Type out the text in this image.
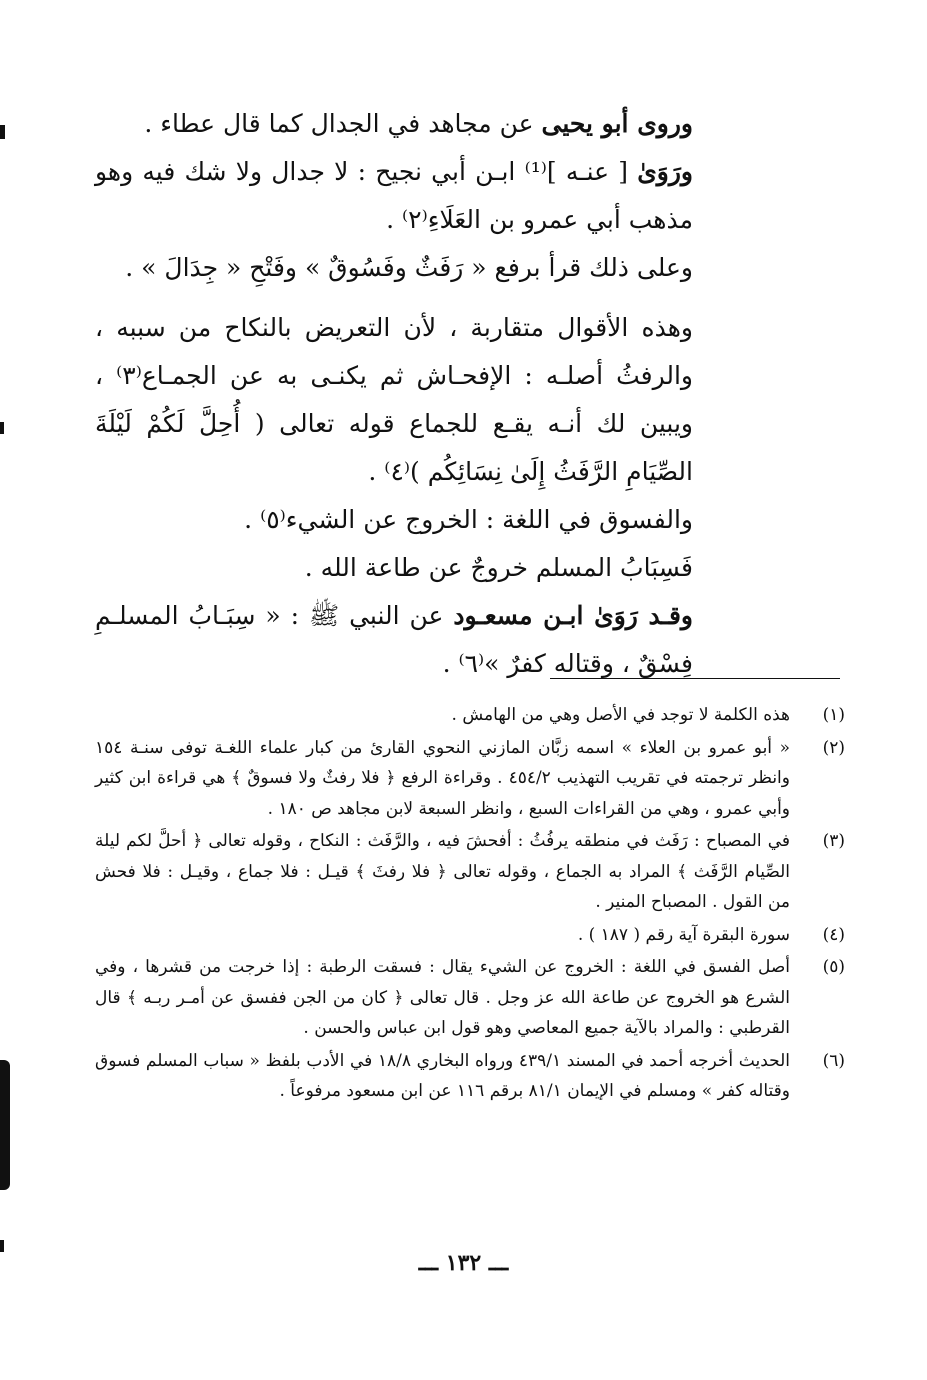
وروى أبو يحيى عن مجاهد في الجدال كما قال عطاء .

ورَوَىٰ [ عنـه ]⁽¹⁾ ابـن أبي نجيح : لا جدال ولا شك فيه وهو مذهب أبي عمرو بن العَلَاءِ⁽٢⁾ .

وعلى ذلك قرأ برفع « رَفَثٌ وفَسُوقٌ » وفَتْحِ « جِدَالَ » .

وهذه الأقوال متقاربة ، لأن التعريض بالنكاح من سببه ، والرفثُ أصلـه : الإفحـاش ثم يكنـى به عن الجمـاع⁽٣⁾ ، ويبين لك أنـه يقـع للجماع قوله تعالى ( أُحِلَّ لَكُمْ لَيْلَةَ الصِّيَامِ الرَّفَثُ إِلَىٰ نِسَائِكُم )⁽٤⁾ .

والفسوق في اللغة : الخروج عن الشيء⁽٥⁾ .

فَسِبَابُ المسلم خروجٌ عن طاعة الله .

وقـد رَوَىٰ ابـن مسعـود عن النبي ﷺ : « سِبَـابُ المسلـمِ فِسْقٌ ، وقتاله كفرٌ »⁽٦⁾ .

(١)
هذه الكلمة لا توجد في الأصل وهي من الهامش .
(٢)
« أبو عمرو بن العلاء » اسمه زبَّان المازني النحوي القارئ من كبار علماء اللغـة توفى سنـة ١٥٤ وانظر ترجمته في تقريب التهذيب ٤٥٤/٢ . وقراءة الرفع ﴿ فلا رفثٌ ولا فسوقٌ ﴾ هي قراءة ابن كثير وأبي عمرو ، وهي من القراءات السبع ، وانظر السبعة لابن مجاهد ص ١٨٠ .
(٣)
في المصباح : رَفَث في منطقه يرفُثُ : أفحشَ فيه ، والرَّفَث : النكاح ، وقوله تعالى ﴿ أحلَّ لكم ليلة الصِّيام الرَّفَث ﴾ المراد به الجماع ، وقوله تعالى ﴿ فلا رفثَ ﴾ قيـل : فلا جماع ، وقيـل : فلا فحش من القول . المصباح المنير .
(٤)
سورة البقرة آية رقم ( ١٨٧ ) .
(٥)
أصل الفسق في اللغة : الخروج عن الشيء يقال : فسقت الرطبة : إذا خرجت من قشرها ، وفي الشرع هو الخروج عن طاعة الله عز وجل . قال تعالى ﴿ كان من الجن ففسق عن أمـر ربـه ﴾ قال القرطبي : والمراد بالآية جميع المعاصي وهو قول ابن عباس والحسن .
(٦)
الحديث أخرجه أحمد في المسند ٤٣٩/١ ورواه البخاري ١٨/٨ في الأدب بلفظ « سباب المسلم فسوق وقتاله كفر » ومسلم في الإيمان ٨١/١ برقم ١١٦ عن ابن مسعود مرفوعاً .
ـــ ١٣٢ ـــ
